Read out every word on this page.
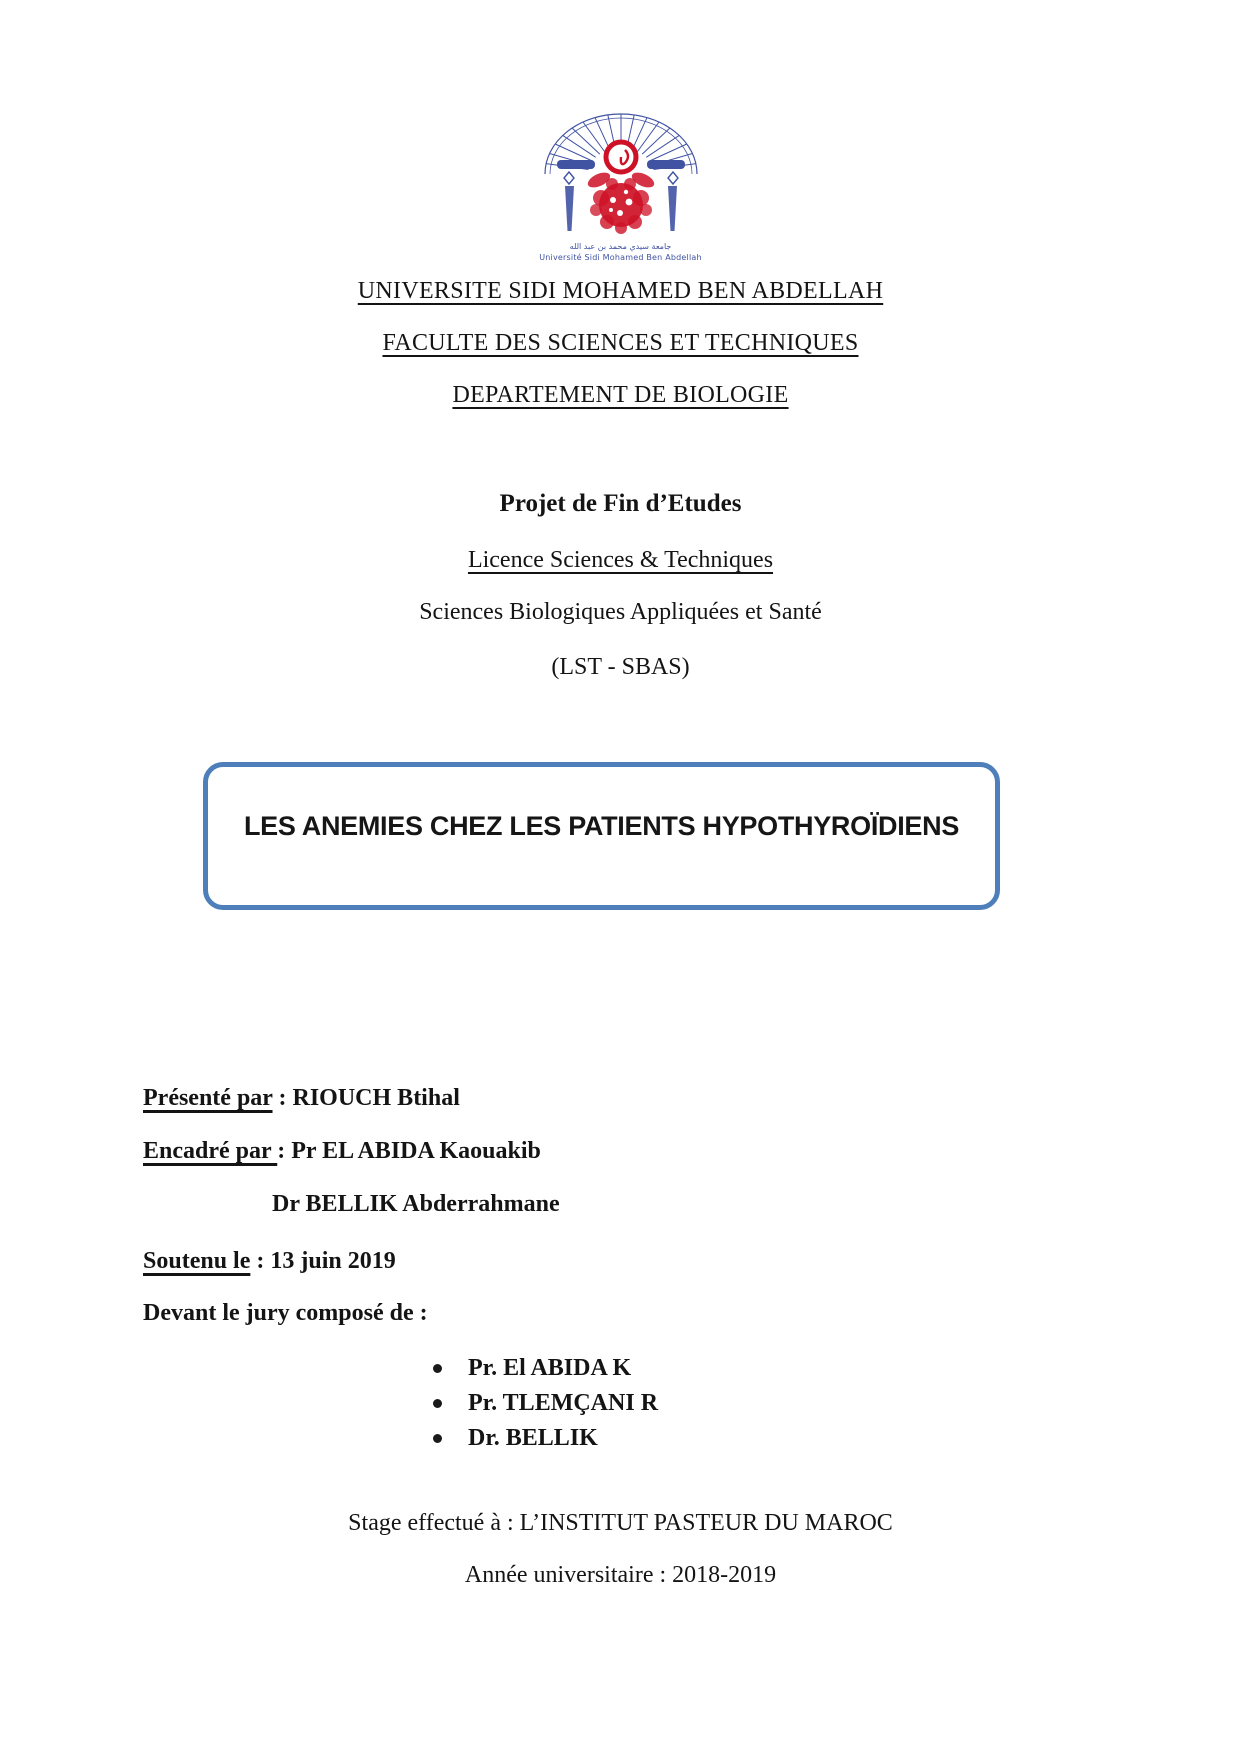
جامعة سيدي محمد بن عبد الله
Université Sidi Mohamed Ben Abdellah
UNIVERSITE SIDI MOHAMED BEN ABDELLAH
FACULTE DES SCIENCES ET TECHNIQUES
DEPARTEMENT DE BIOLOGIE
Projet de Fin d’Etudes
Licence Sciences & Techniques
Sciences Biologiques Appliquées et Santé
(LST - SBAS)
LES ANEMIES CHEZ LES PATIENTS HYPOTHYROÏDIENS
Présenté par : RIOUCH Btihal
Encadré par : Pr EL ABIDA Kaouakib
Dr BELLIK Abderrahmane
Soutenu le : 13 juin 2019
Devant le jury composé de :
Pr. El ABIDA K
Pr. TLEMÇANI R
Dr. BELLIK
Stage effectué à : L’INSTITUT PASTEUR DU MAROC
Année universitaire : 2018-2019
